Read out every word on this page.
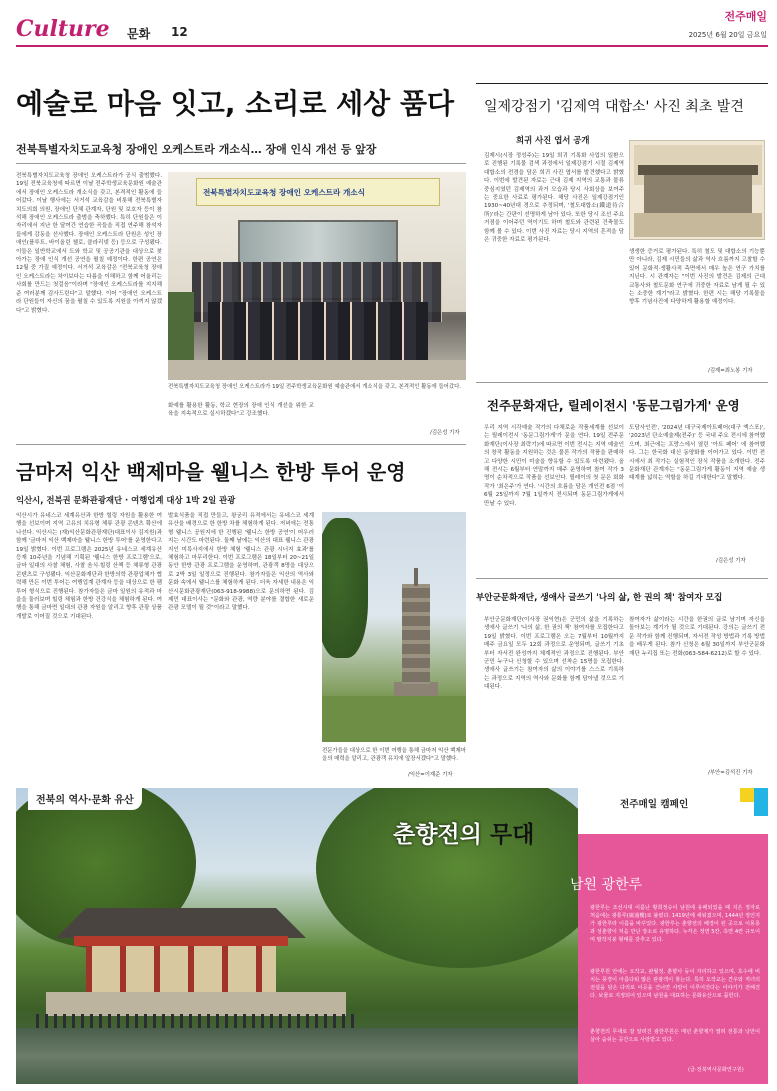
Culture 문화 12
전주매일
2025년 6월 20일 금요일
예술로 마음 잇고, 소리로 세상 품다
전북특별자치도교육청 장애인 오케스트라 개소식… 장애 인식 개선 등 앞장
전북특별자치도교육청 장애인 오케스트라가 공식 출범했다. 19일 전북교육청에 따르면 이날 전주학생교육문화원 예술관에서 장애인 오케스트라 개소식을 갖고, 본격적인 활동에 들어갔다. 이날 행사에는 서거석 교육감을 비롯해 전북특별자치도의회 의원, 장애인 단체 관계자, 단원 및 보호자 등이 참석해 장애인 오케스트라 출범을 축하했다. 특히 단원들은 이 자리에서 지난 한 달여간 연습한 곡들을 직접 연주해 참석자들에게 감동을 선사했다. 장애인 오케스트라 단원은 성인 장애인(플루트, 바이올린 첼로, 클라리넷 등) 등으로 구성됐다. 이들은 일반학교에서 도와 학교 및 공공기관을 대상으로 찾아가는 장애 인식 개선 공연을 펼칠 예정이다. 한편 공연은 12월 중 가질 예정이다. 서거석 교육감은 "전북교육청 장애인 오케스트라는 차이보다는 다름을 이해하고 함께 어울리는 사회를 만드는 첫걸음"이라며 "장애인 오케스트라를 지지해준 여러분께 감사드린다"고 말했다. 이어 "장애인 오케스트라 단원들이 자신의 꿈을 펼칠 수 있도록 지원을 아끼지 않겠다"고 밝혔다.
전북특별자치도교육청 장애인 오케스트라 개소식
전북특별자치도교육청 장애인 오케스트라가 19일 전주학생교육문화원 예술관에서 개소식을 갖고, 본격적인 활동에 들어갔다.
화예를 활용한 활동, 학교 현장의 장애 인식 개선을 위한 교육을 지속적으로 실시하겠다"고 강조했다.
/김은성 기자
금마저 익산 백제마을 웰니스 한방 투어 운영
익산시, 전북권 문화관광재단 · 여행업계 대상 1박 2일 관광
익산시가 유네스코 세계유산과 한방 힐링 자원을 활용한 여행을 선보이며 지역 고유의 치유형 체류 관광 콘텐츠 확산에 나선다. 익산시는 (재)익산문화관광재단(대표이사 김지원)과 함께 '금마저 익산 백제마을 웰니스 한방 투어'를 운영한다고 19일 밝혔다. 이번 프로그램은 2025년 유네스코 세계유산 등재 10주년을 기념해 기획된 '웰니스 한방 프로그램'으로, 금마 일대의 사찰 체험, 사찰 음식·힐링 산책 등 체류형 관광 콘텐츠로 구성됐다. 익산문화재단과 한방의학 관광업체가 협력해 만든 이번 투어는 여행업계 관계자 등을 대상으로 한 팸투어 형식으로 진행된다. 참가자들은 금마 일원의 유적과 마을을 둘러보며 힐링 체험과 한방 건강식을 체험하게 된다. 여행을 통해 금마면 일대의 관광 자원을 알리고 향후 관광 상품 개발로 이어질 것으로 기대된다.
발효식품을 직접 만들고, 왕궁리 유적에서는 유네스코 세계유산을 배경으로 한 한방 차를 체험하게 된다. 저녁에는 전통형 웰니스 공원지에 한 진행된 '웰니스 한방 공연'이 어우러지는 시간도 마련된다. 둘째 날에는 익산의 대표 웰니스 관광지인 미륵사지에서 한방 체험 '웰니스 관광 시너지 효과'를 체험하고 마무리한다. 이번 프로그램은 18일부터 20~21일 동안 한방 관광 프로그램을 운영하며, 관광객 8명을 대상으로 2박 3일 일정으로 진행된다. 참가자들은 익산의 역사와 문화 속에서 웰니스를 체험하게 된다. 더욱 자세한 내용은 익산시문화관광재단(063-918-9988)으로 문의하면 된다. 김제민 대표이사는 "문화와 관광, 역량 분야를 결합한 새로운 관광 모델이 될 것"이라고 말했다.
전문가들을 대상으로 한 이번 여행을 통해 금마저 익산 백제마을의 매력을 알리고, 관광객 유치에 앞장서겠다"고 말했다.
/익산=이재준 기자
일제강점기 '김제역 대합소' 사진 최초 발견
희귀 사진 엽서 공개
김제시(시장 정성주)는 19일 희귀 기록화 사업의 일환으로 진행된 기록물 검색 과정에서 일제강점기 시절 김제역 대합소의 전경을 담은 희귀 사진 엽서를 발견했다고 밝혔다. 이번에 발견된 자료는 근대 김제 지역의 교통과 물류 중심지였던 김제역의 과거 모습과 당시 사회상을 보여주는 중요한 사료로 평가된다. 해당 사진은 일제강점기인 1930~40년대 경으로 추정되며, '철도대합소(鐵道待合所)'라는 간판이 선명하게 남아 있다. 또한 당시 조선 주요 거점을 이어주던 역이기도 하며 철도와 관련된 건축물도 함께 볼 수 있다. 이번 사진 자료는 당시 지역의 흔적을 담은 귀중한 자료로 평가된다.
생생한 증거로 평가된다. 특히 철도 및 대합소의 기능뿐만 아니라, 김제 시민들의 삶과 역사 흐름까지 고찰할 수 있어 문화적·생활사적 측면에서 매우 높은 연구 가치를 지닌다. 시 관계자는 "이번 사진의 발견은 김제의 근대 교통사와 철도문화 연구에 귀중한 자료로 남게 될 수 있는 소중한 계기"라고 밝혔다. 한편 시는 해당 기록물을 향후 기념사진에 다양하게 활용할 예정이다.
/김제=최노봉 기자
전주문화재단, 릴레이전시 '동문그림가게' 운영
우리 지역 시각예술 작가의 다채로운 작품세계를 선보이는 릴레이전시 '동문그림가게'가 문을 연다. 19일 전주문화재단(이사장 최락기)에 따르면 이번 전시는 지역 예술인의 창작 활동을 지원하는 것은 물론 작가의 작품을 판매하고 다양한 시민이 미술을 향유할 수 있도록 마련됐다. 올해 전시는 6월부터 연말까지 매주 운영하며 참여 작가 3명이 순차적으로 작품을 선보인다. 릴레이의 첫 문은 회화작가 '최은주'가 연다. '시간의 흐름을 담은 개인전 6점 '이 6월 25일까지 7월 1일까지 전시되며 동문그림가게에서 만날 수 있다.
도담사인전', '2024년 대구국제아트페어(대구 엑스포)', '2023년 단소예술제(전주)' 등 국내 주요 전시에 참여했으며, 최근에는 프랑스에서 열린 '아트 페어' 에 참여했다. 그는 한국화 대신 동양화를 이어가고 있다. 이번 전시에서 최 작가는 실험적인 장식 작품을 소개한다. 전주문화재단 관계자는 "동문그림가게 활동이 지역 예술 생태계를 넓히는 역할을 하길 기대한다"고 말했다.
/김은성 기자
부안군문화재단, 생애사 글쓰기 '나의 삶, 한 권의 책' 참여자 모집
부안군문화재단(이사장 권익현)은 군민의 삶을 기록하는 생애사 글쓰기 '나의 삶, 한 권의 책' 참여자를 모집한다고 19일 밝혔다. 이번 프로그램은 오는 7월부터 10월까지 매주 금요일 모두 12회 과정으로 운영되며, 글쓰기 기초부터 자서전 완성까지 체계적인 과정으로 진행된다. 부안군민 누구나 신청할 수 있으며 선착순 15명을 모집한다. 생애사 글쓰기는 참여자의 삶의 이야기를 스스로 기록하는 과정으로 지역의 역사와 문화를 함께 담아낼 것으로 기대된다.
참여자가 삶이라는 시간을 한권의 글로 남기며 자신을 돌아보는 계기가 될 것으로 기대된다. 강의는 글쓰기 전문 작가와 함께 진행되며, 자서전 작성 방법과 기록 방법을 배우게 된다. 참가 신청은 6월 30일까지 부안군문화재단 누리집 또는 전화(063-584-6212)로 할 수 있다.
/부안=김석진 기자
전북의 역사·문화 유산
춘향전의 무대
전주매일 캠페인
남원 광한루
광한루는 조선시대 이름난 황희정승이 남원에 유배되었을 때 지은 정자로 처음에는 광통루(廣通樓)로 불렸다. 1419년에 세워졌으며, 1444년 정인지가 광한루라 이름을 바꾸었다. 광한루는 춘향전의 배경이 된 곳으로 이몽룡과 성춘향이 처음 만난 장소로 유명하다. 누각은 정면 5칸, 측면 4칸 규모이며 팔작지붕 형태를 갖추고 있다.
광한루원 안에는 오작교, 완월정, 춘향사 등이 자리하고 있으며, 호수에 비치는 풍경이 아름다워 많은 관광객이 찾는다. 특히 오작교는 견우와 직녀의 전설을 담은 다리로 이곳을 건너면 사랑이 이루어진다는 이야기가 전해진다. 보물로 지정되어 있으며 남원을 대표하는 문화유산으로 꼽힌다.
춘향전의 무대로 잘 알려진 광한루원은 매년 춘향제가 열려 전통과 낭만이 살아 숨쉬는 공간으로 사랑받고 있다.
(글·전북역사문화연구원)
